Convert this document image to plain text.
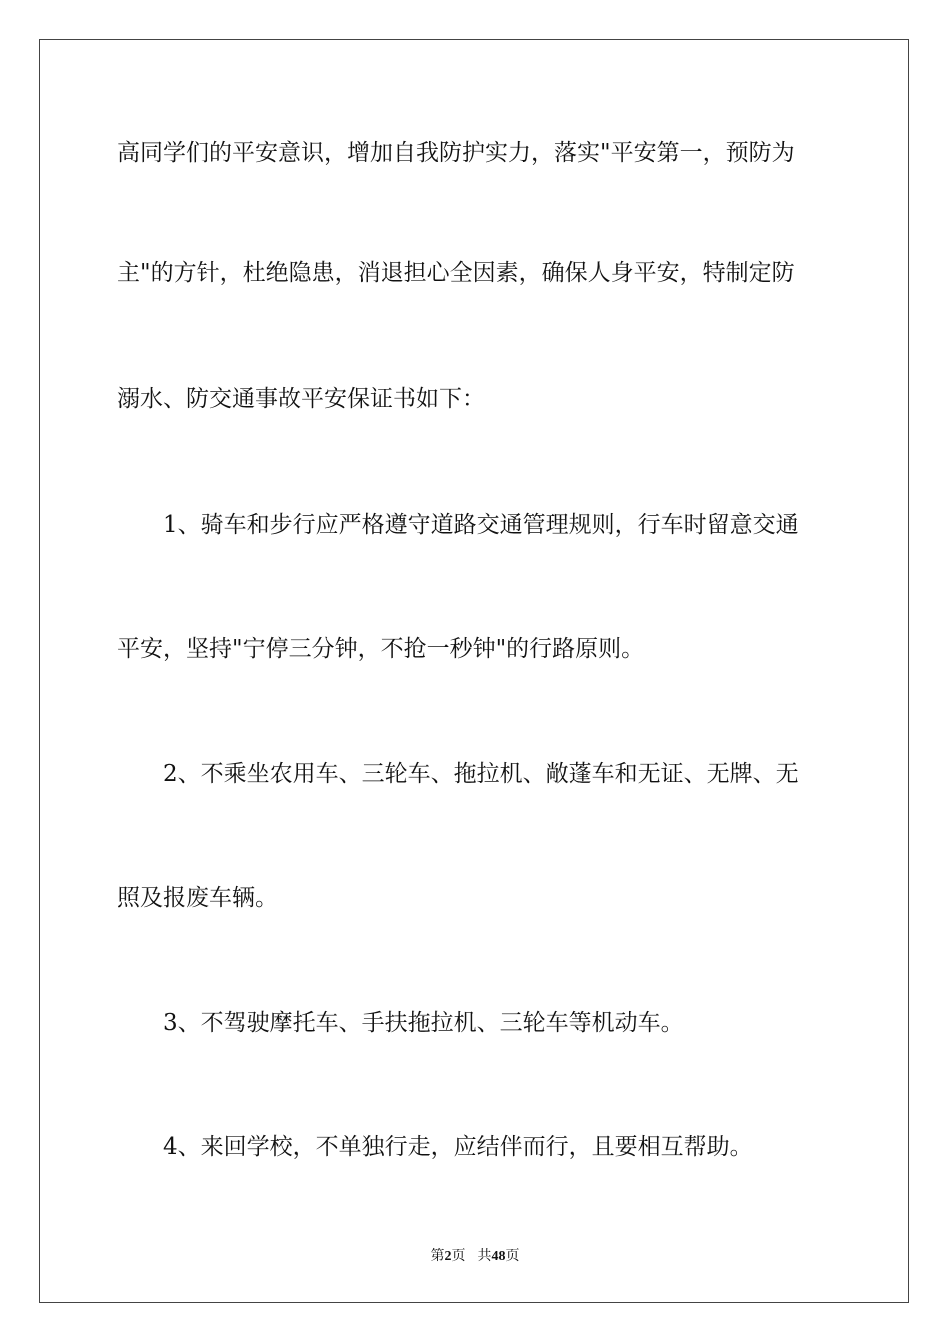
高同学们的平安意识，增加自我防护实力，落实"平安第一，预防为
主"的方针，杜绝隐患，消退担心全因素，确保人身平安，特制定防
溺水、防交通事故平安保证书如下：
　　1、骑车和步行应严格遵守道路交通管理规则，行车时留意交通
平安，坚持"宁停三分钟，不抢一秒钟"的行路原则。
　　2、不乘坐农用车、三轮车、拖拉机、敞蓬车和无证、无牌、无
照及报废车辆。
　　3、不驾驶摩托车、手扶拖拉机、三轮车等机动车。
　　4、来回学校，不单独行走，应结伴而行，且要相互帮助。
第2页 共48页
